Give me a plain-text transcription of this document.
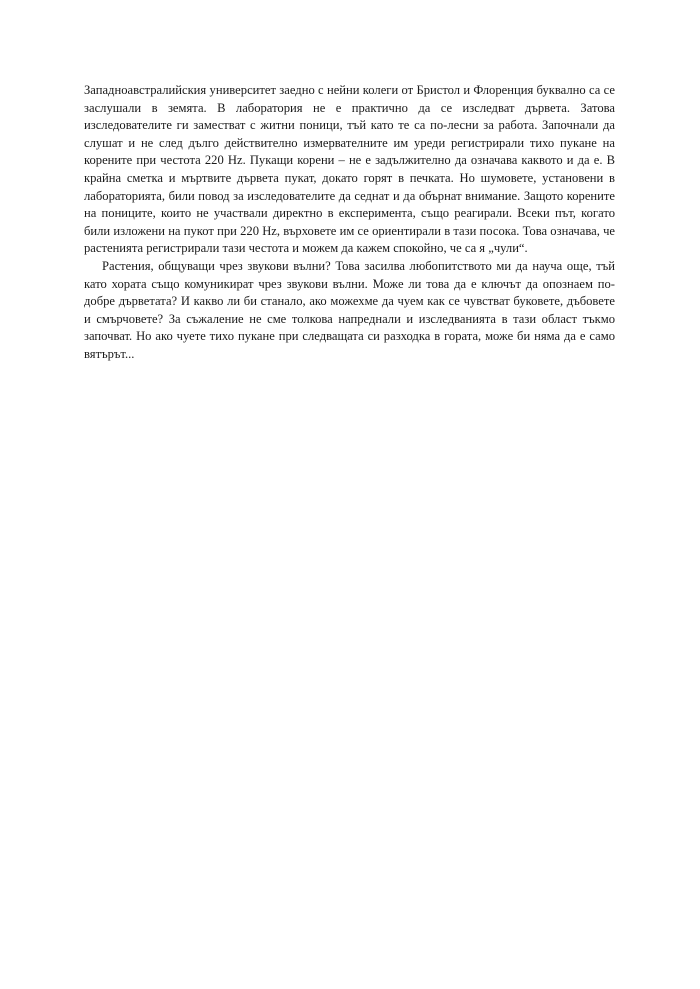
Западноавстралийския университет заедно с нейни колеги от Бристол и Флоренция буквално са се заслушали в земята. В лаборатория не е практично да се изследват дървета. Затова изследователите ги заместват с житни поници, тъй като те са по-лесни за работа. Започнали да слушат и не след дълго действително измервателните им уреди регистрирали тихо пукане на корените при честота 220 Hz. Пукащи корени – не е задължително да означава каквото и да е. В крайна сметка и мъртвите дървета пукат, докато горят в печката. Но шумовете, установени в лабораторията, били повод за изследователите да седнат и да обърнат внимание. Защото корените на пониците, които не участвали директно в експеримента, също реагирали. Всеки път, когато били изложени на пукот при 220 Hz, върховете им се ориентирали в тази посока. Това означава, че растенията регистрирали тази честота и можем да кажем спокойно, че са я „чули“.

Растения, общуващи чрез звукови вълни? Това засилва любопитството ми да науча още, тъй като хората също комуникират чрез звукови вълни. Може ли това да е ключът да опознаем по-добре дърветата? И какво ли би станало, ако можехме да чуем как се чувстват буковете, дъбовете и смърчовете? За съжаление не сме толкова напреднали и изследванията в тази област тъкмо започват. Но ако чуете тихо пукане при следващата си разходка в гората, може би няма да е само вятърът...
